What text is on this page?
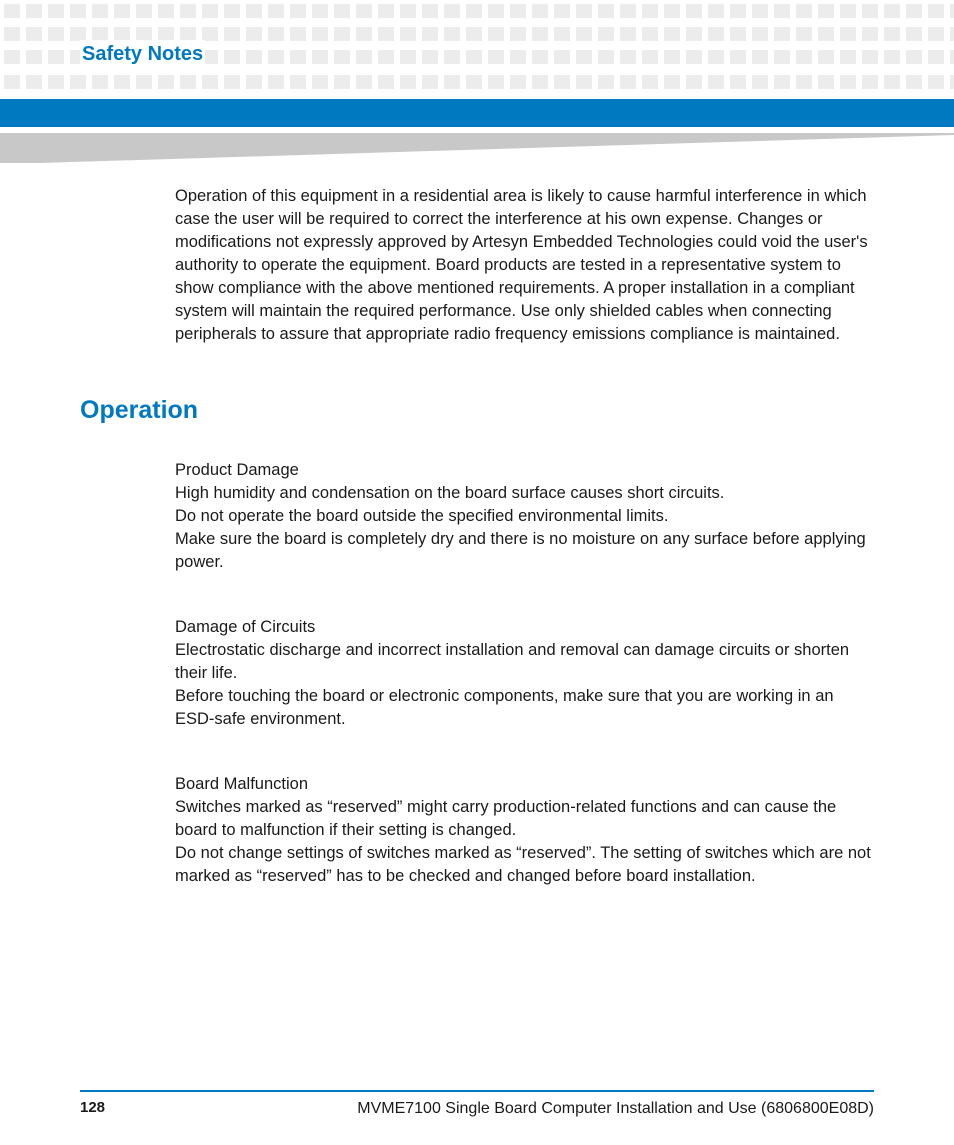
Safety Notes

Operation of this equipment in a residential area is likely to cause harmful interference in which case the user will be required to correct the interference at his own expense. Changes or modifications not expressly approved by Artesyn Embedded Technologies could void the user's authority to operate the equipment. Board products are tested in a representative system to show compliance with the above mentioned requirements. A proper installation in a compliant system will maintain the required performance. Use only shielded cables when connecting peripherals to assure that appropriate radio frequency emissions compliance is maintained.

Operation

Product Damage

High humidity and condensation on the board surface causes short circuits.

Do not operate the board outside the specified environmental limits.

Make sure the board is completely dry and there is no moisture on any surface before applying power.

Damage of Circuits

Electrostatic discharge and incorrect installation and removal can damage circuits or shorten their life.

Before touching the board or electronic components, make sure that you are working in an ESD-safe environment.

Board Malfunction

Switches marked as “reserved” might carry production-related functions and can cause the board to malfunction if their setting is changed.

Do not change settings of switches marked as “reserved”. The setting of switches which are not marked as “reserved” has to be checked and changed before board installation.

128	MVME7100 Single Board Computer Installation and Use (6806800E08D)
